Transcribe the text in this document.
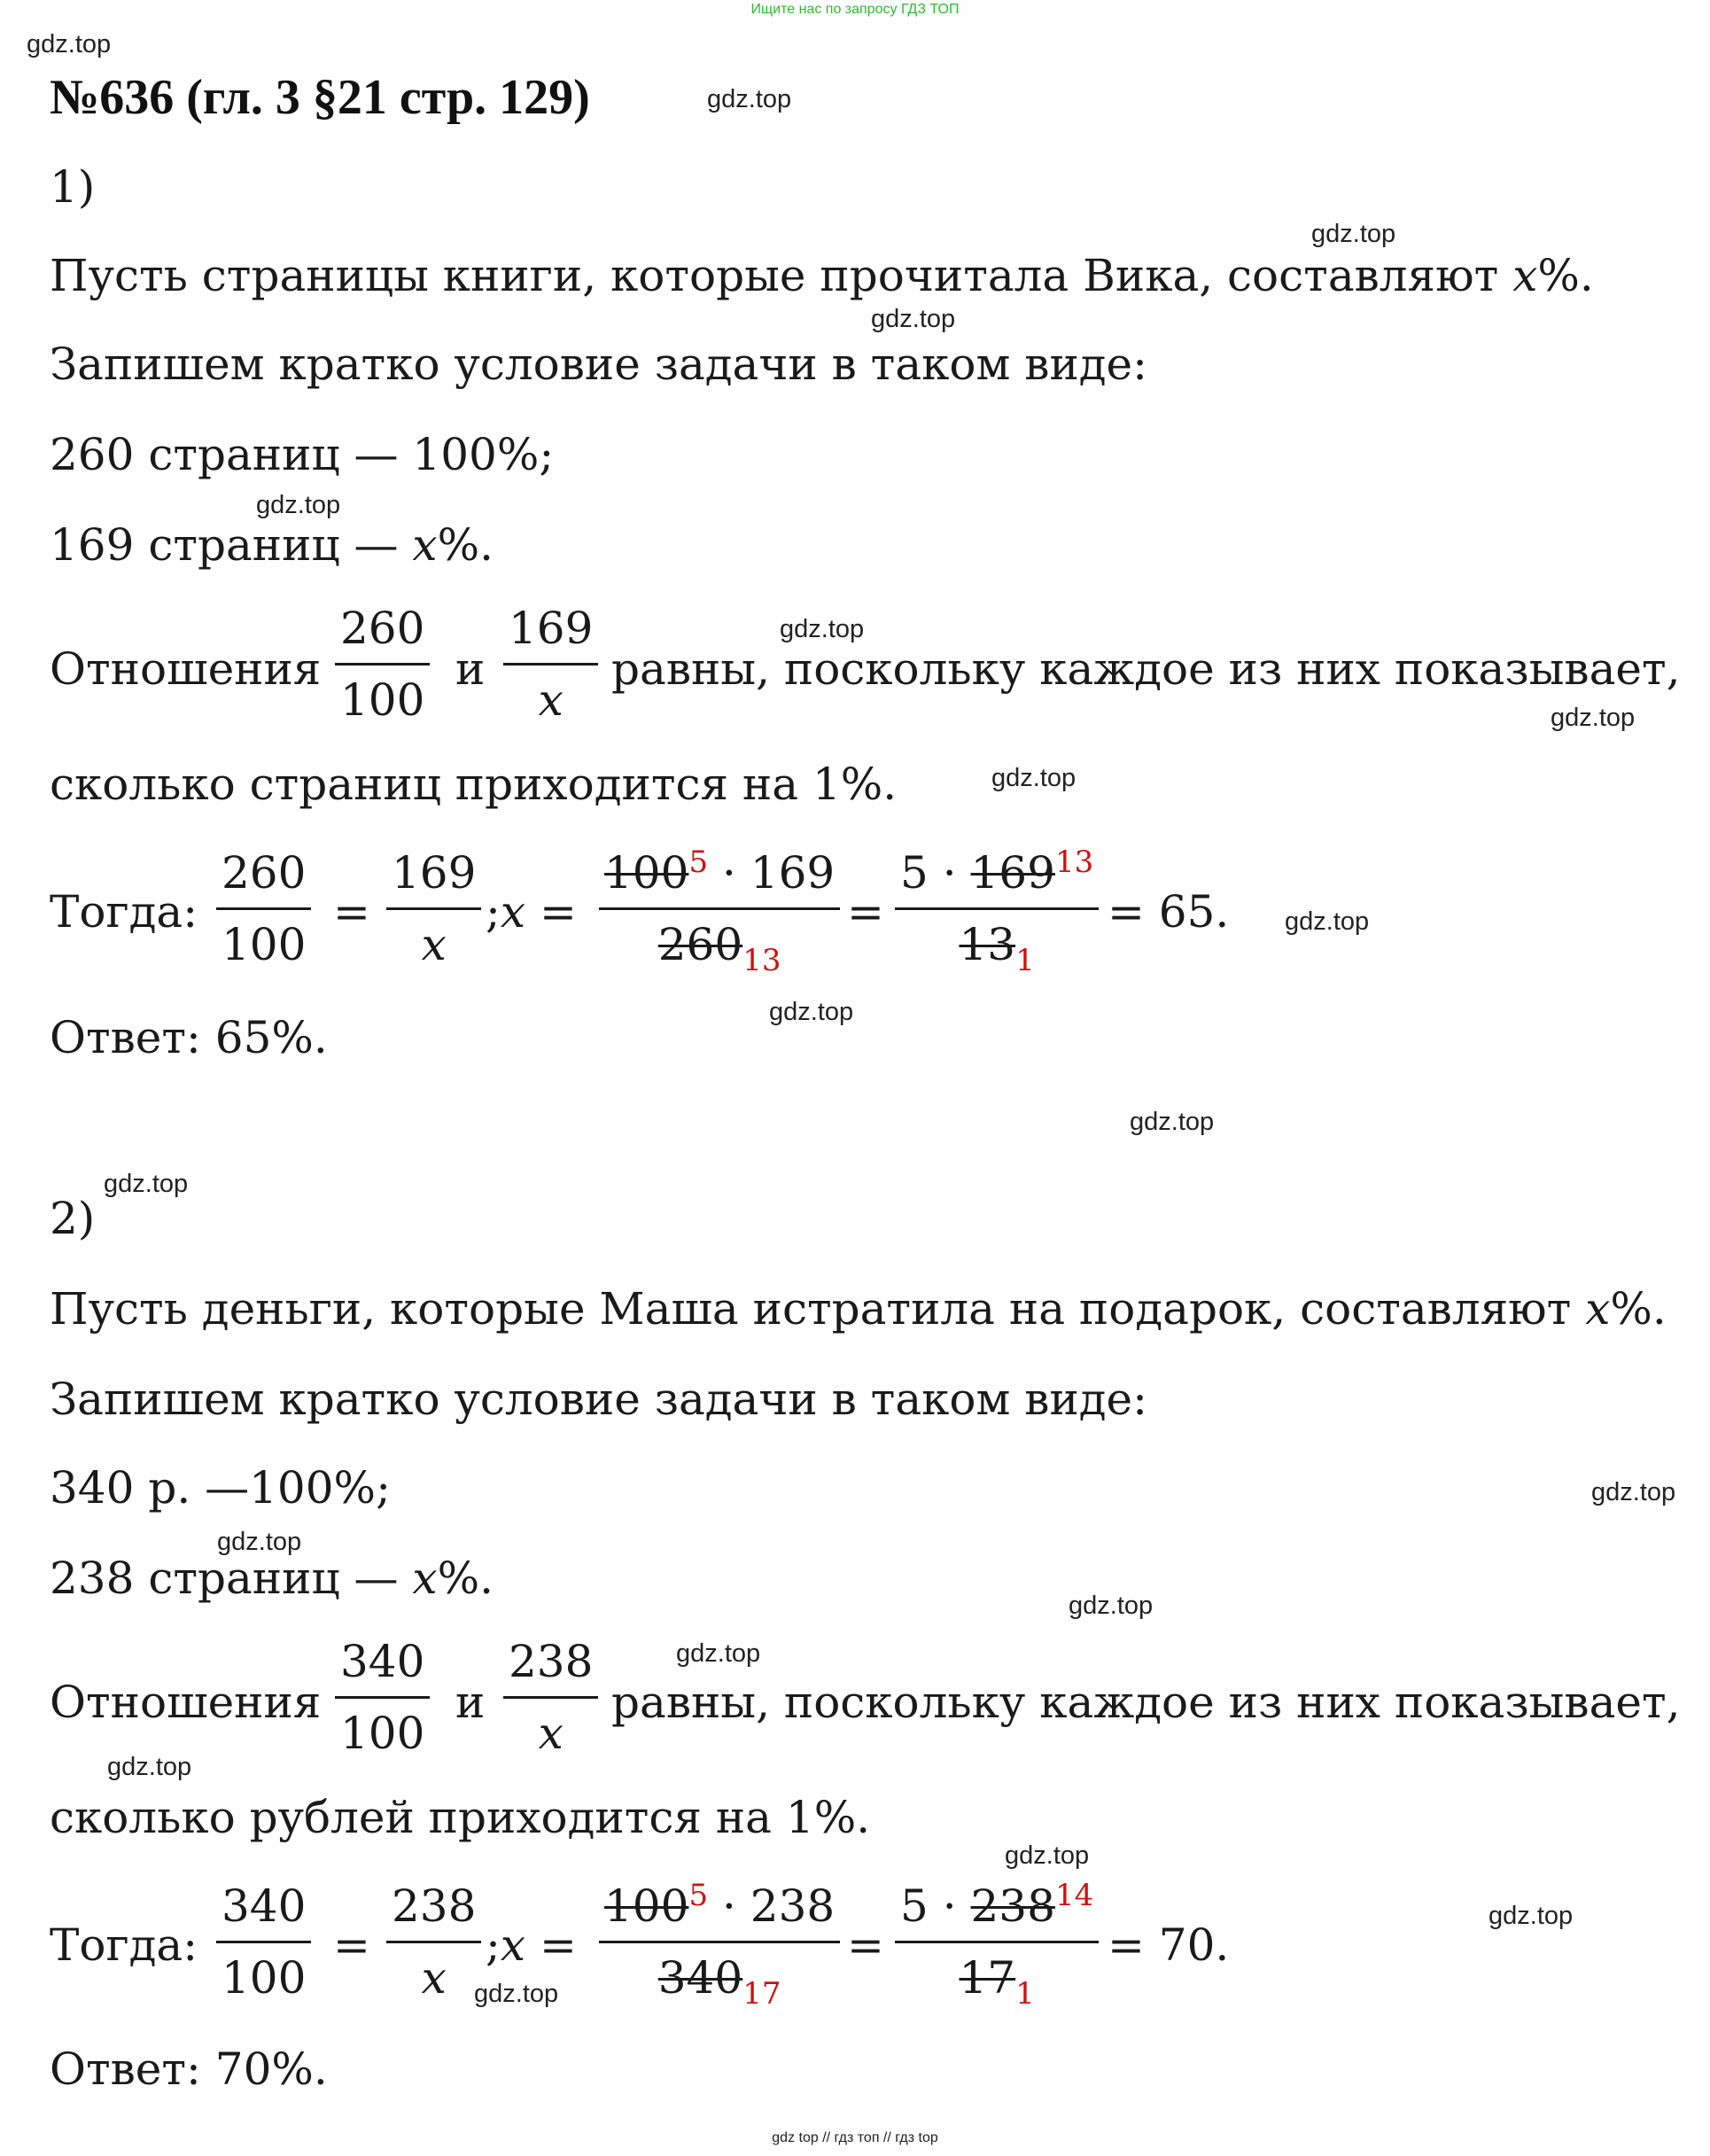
Ищите нас по запросу ГДЗ ТОП
№636 (гл. 3 §21 стр. 129)
gdz.top
gdz.top
gdz.top
gdz.top
gdz.top
gdz.top
gdz.top
gdz.top
gdz.top
gdz.top
gdz.top
gdz.top
gdz.top
gdz.top
gdz.top
gdz.top
gdz.top
gdz.top
gdz.top
gdz.top
1)
Пусть страницы книги, которые прочитала Вика, составляют x%.
Запишем кратко условие задачи в таком виде:
260 страниц — 100%;
169 страниц — x%.
Отношения $\frac{260}{100}$ и $\frac{169}{x}$ равны, поскольку каждое из них показывает,
сколько страниц приходится на 1%.
Тогда: $\frac{260}{100} = \frac{169}{x}$ ;x = $\frac{100^5 \cdot 169}{260_{13}} = \frac{5 \cdot 169^{13}}{13_1} = 65$.
Ответ: 65%.
2)
Пусть деньги, которые Маша истратила на подарок, составляют x%.
Запишем кратко условие задачи в таком виде:
340 р. —100%;
238 страниц — x%.
Отношения $\frac{340}{100}$ и $\frac{238}{x}$ равны, поскольку каждое из них показывает,
сколько рублей приходится на 1%.
Тогда: $\frac{340}{100} = \frac{238}{x}$ ;x = $\frac{100^5 \cdot 238}{340_{17}} = \frac{5 \cdot 238^{14}}{17_1} = 70$.
Ответ: 70%.
gdz top // гдз топ // гдз top
